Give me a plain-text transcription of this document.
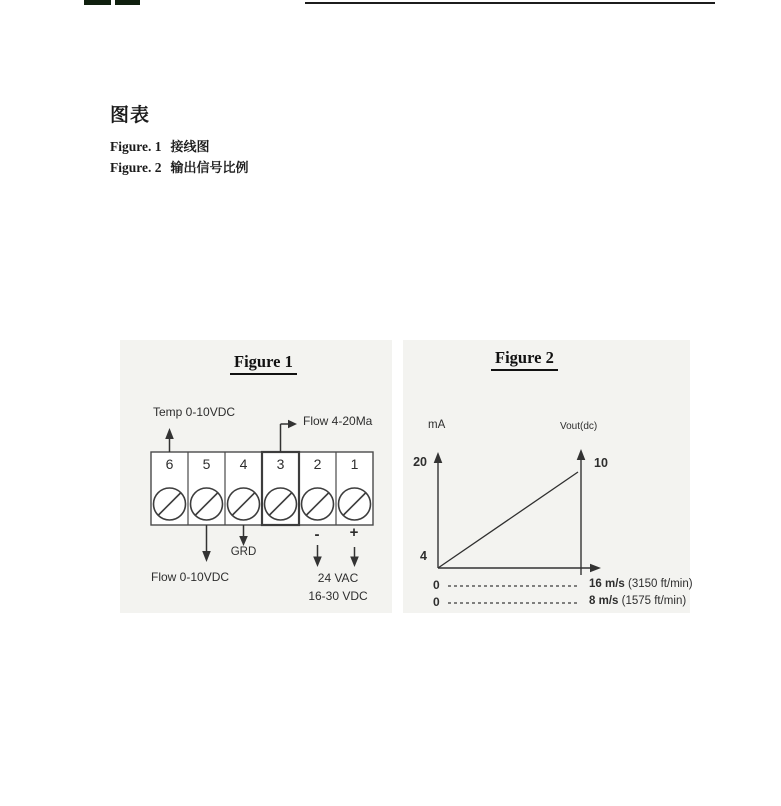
图表
Figure. 1 接线图
Figure. 2 输出信号比例
Figure 1
6	5	4	3	2	1
Temp 0-10VDC
Flow 4-20Ma
GRD
Flow 0-10VDC
-	+
24 VAC
16-30 VDC
Figure 2
mA	Vout(dc)
20
4
10
0	16 m/s (3150 ft/min)
0	8 m/s (1575 ft/min)
